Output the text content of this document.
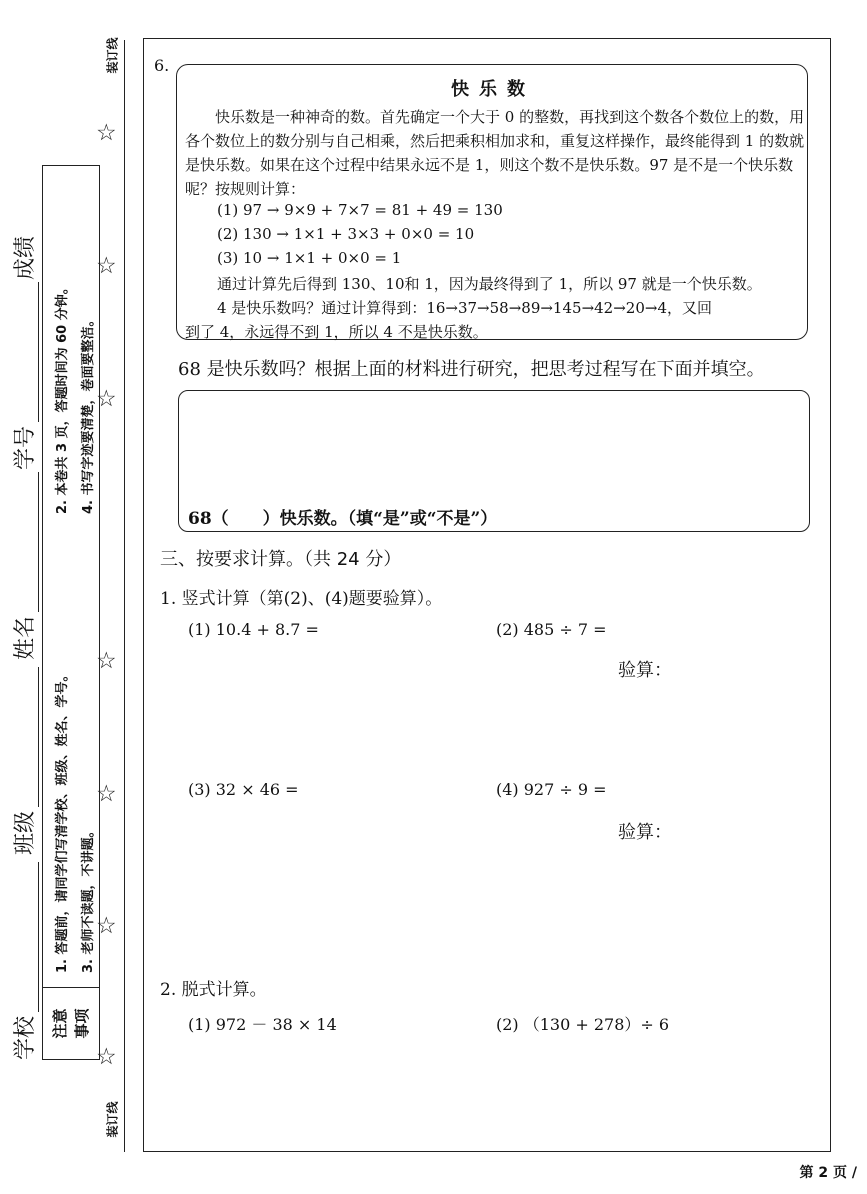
装订线
装订线
☆
☆
☆
☆
☆
☆
☆
学校
班级
姓名
学号
成绩
注意 事项
1. 答题前，请同学们写清学校、班级、姓名、学号。
2. 本卷共 3 页，答题时间为 60 分钟。
3. 老师不读题，不讲题。
4. 书写字迹要清楚，卷面要整洁。
6.
快乐数
快乐数是一种神奇的数。首先确定一个大于 0 的整数，再找到这个数各个数位上的数，用各个数位上的数分别与自己相乘，然后把乘积相加求和，重复这样操作，最终能得到 1 的数就是快乐数。如果在这个过程中结果永远不是 1，则这个数不是快乐数。97 是不是一个快乐数呢？按规则计算：
(1) 97 → 9×9 + 7×7 = 81 + 49 = 130
(2) 130 → 1×1 + 3×3 + 0×0 = 10
(3) 10 → 1×1 + 0×0 = 1
通过计算先后得到 130、10和 1，因为最终得到了 1，所以 97 就是一个快乐数。
4 是快乐数吗？通过计算得到：16→37→58→89→145→42→20→4，又回
到了 4，永远得不到 1，所以 4 不是快乐数。
68 是快乐数吗？根据上面的材料进行研究，把思考过程写在下面并填空。
68（　　）快乐数。（填“是”或“不是”）
三、按要求计算。（共 24 分）
1. 竖式计算（第(2)、(4)题要验算）。
(1) 10.4 + 8.7 =	(2) 485 ÷ 7 =
验算：
(3) 32 × 46 =	(4) 927 ÷ 9 =
验算：
2. 脱式计算。
(1) 972 － 38 × 14	(2) （130 + 278）÷ 6
第 2 页 /
